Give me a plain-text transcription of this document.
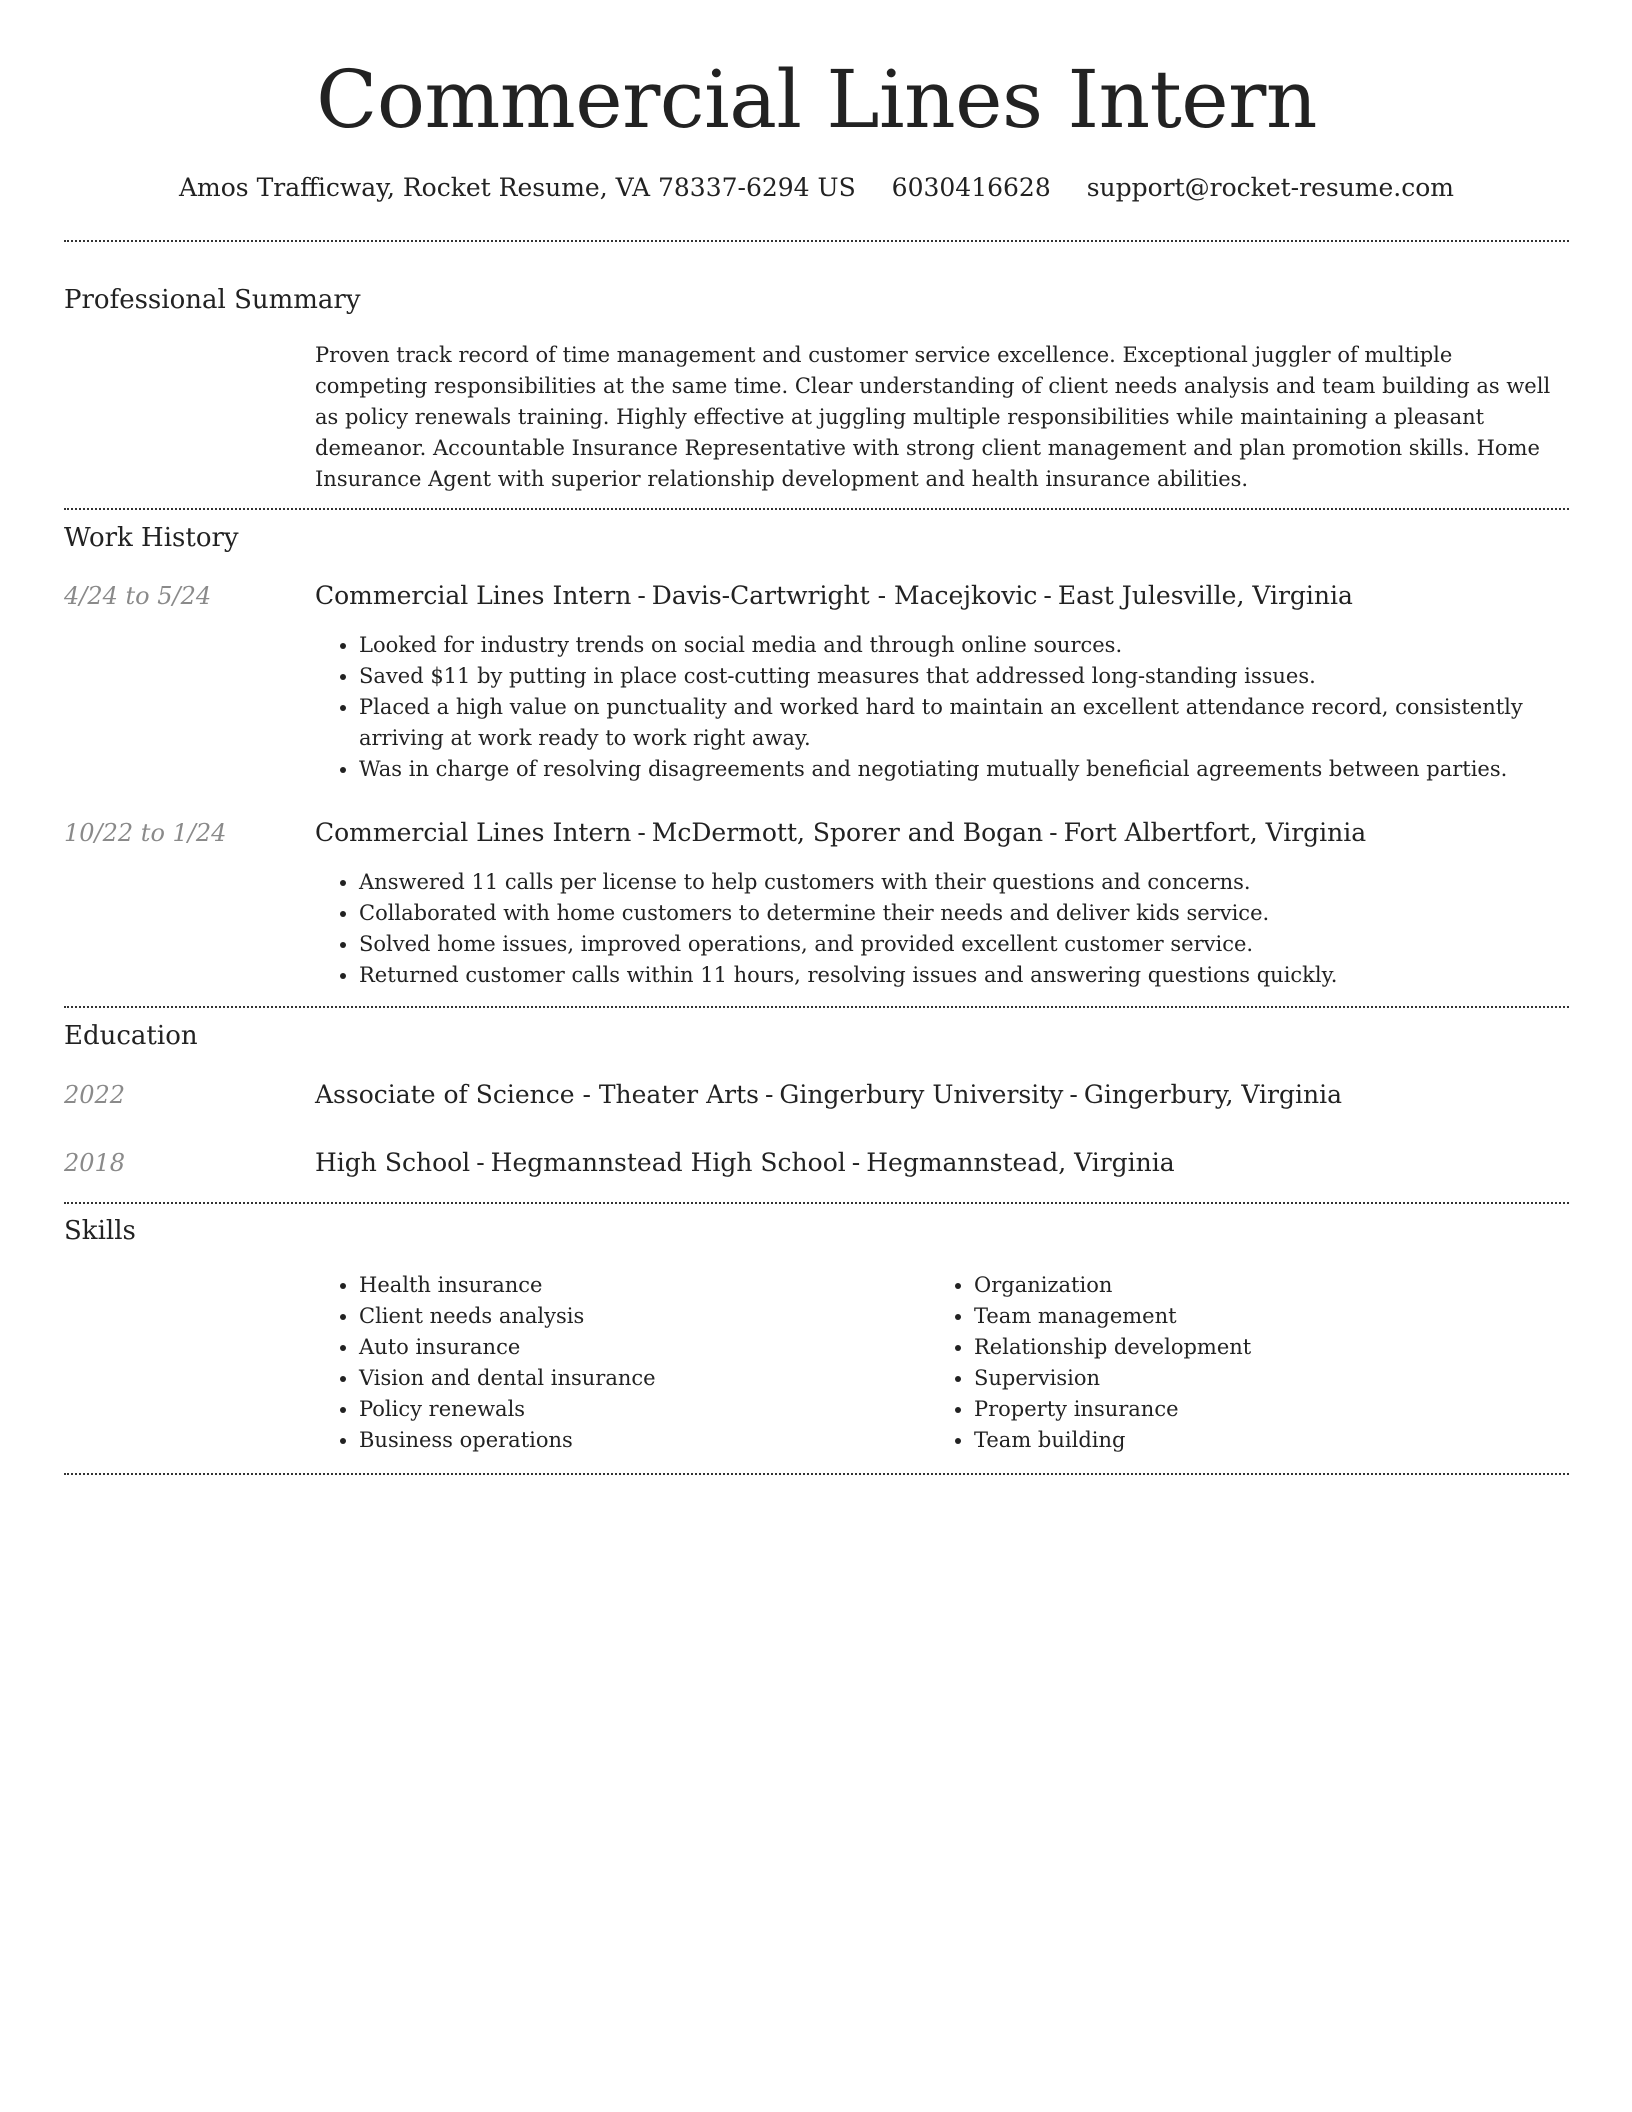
Commercial Lines Intern
Amos Trafficway, Rocket Resume, VA 78337-6294 US 6030416628 support@rocket-resume.com
Professional Summary

Proven track record of time management and customer service excellence. Exceptional juggler of multiple competing responsibilities at the same time. Clear understanding of client needs analysis and team building as well as policy renewals training. Highly effective at juggling multiple responsibilities while maintaining a pleasant demeanor. Accountable Insurance Representative with strong client management and plan promotion skills. Home Insurance Agent with superior relationship development and health insurance abilities.

Work History
4/24 to 5/24	Commercial Lines Intern - Davis-Cartwright - Macejkovic - East Julesville, Virginia
• Looked for industry trends on social media and through online sources.
• Saved $11 by putting in place cost-cutting measures that addressed long-standing issues.
• Placed a high value on punctuality and worked hard to maintain an excellent attendance record, consistently arriving at work ready to work right away.
• Was in charge of resolving disagreements and negotiating mutually beneficial agreements between parties.
10/22 to 1/24	Commercial Lines Intern - McDermott, Sporer and Bogan - Fort Albertfort, Virginia
• Answered 11 calls per license to help customers with their questions and concerns.
• Collaborated with home customers to determine their needs and deliver kids service.
• Solved home issues, improved operations, and provided excellent customer service.
• Returned customer calls within 11 hours, resolving issues and answering questions quickly.
Education
2022	Associate of Science - Theater Arts - Gingerbury University - Gingerbury, Virginia
2018	High School - Hegmannstead High School - Hegmannstead, Virginia
Skills
• Health insurance
• Client needs analysis
• Auto insurance
• Vision and dental insurance
• Policy renewals
• Business operations
• Organization
• Team management
• Relationship development
• Supervision
• Property insurance
• Team building
